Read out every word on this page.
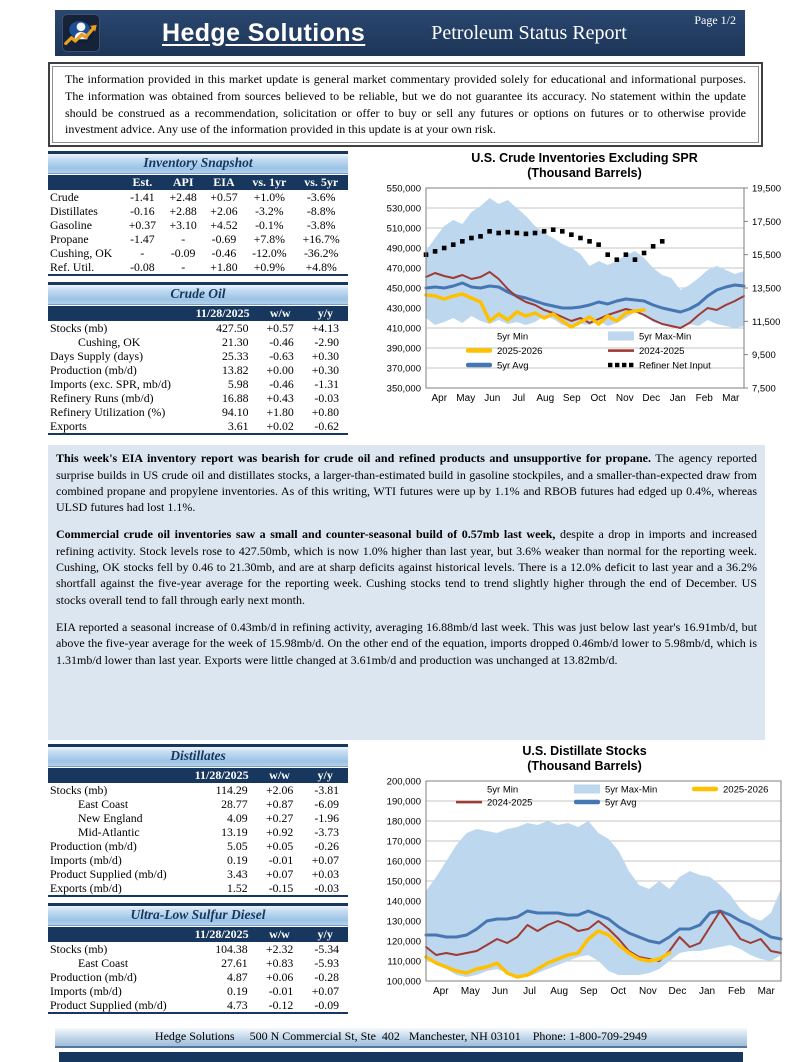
Hedge Solutions	Petroleum Status Report
Page 1/2
The information provided in this market update is general market commentary provided solely for educational and informational purposes. The information was obtained from sources believed to be reliable, but we do not guarantee its accuracy. No statement within the update should be construed as a recommendation, solicitation or offer to buy or sell any futures or options on futures or to otherwise provide investment advice. Any use of the information provided in this update is at your own risk.
Inventory Snapshot
	Est.	API	EIA	vs. 1yr	vs. 5yr
Crude	-1.41	+2.48	+0.57	+1.0%	-3.6%
Distillates	-0.16	+2.88	+2.06	-3.2%	-8.8%
Gasoline	+0.37	+3.10	+4.52	-0.1%	-3.8%
Propane	-1.47	-	-0.69	+7.8%	+16.7%
Cushing, OK	-	-0.09	-0.46	-12.0%	-36.2%
Ref. Util.	-0.08	-	+1.80	+0.9%	+4.8%
Crude Oil
	11/28/2025	w/w	y/y
Stocks (mb)	427.50	+0.57	+4.13
Cushing, OK	21.30	-0.46	-2.90
Days Supply (days)	25.33	-0.63	+0.30
Production (mb/d)	13.82	+0.00	+0.30
Imports (exc. SPR, mb/d)	5.98	-0.46	-1.31
Refinery Runs (mb/d)	16.88	+0.43	-0.03
Refinery Utilization (%)	94.10	+1.80	+0.80
Exports	3.61	+0.02	-0.62
U.S. Crude Inventories Excluding SPR
(Thousand Barrels)
350,000
370,000
390,000
410,000
430,000
450,000
470,000
490,000
510,000
530,000
550,000	19,500
17,500
15,500
13,500
11,500
9,500
7,500
Apr May Jun Jul Aug Sep Oct Nov Dec Jan Feb Mar
5yr Min	5yr Max-Min
2025-2026	2024-2025
5yr Avg	Refiner Net Input

This week's EIA inventory report was bearish for crude oil and refined products and unsupportive for propane. The agency reported surprise builds in US crude oil and distillates stocks, a larger-than-estimated build in gasoline stockpiles, and a smaller-than-expected draw from combined propane and propylene inventories. As of this writing, WTI futures were up by 1.1% and RBOB futures had edged up 0.4%, whereas ULSD futures had lost 1.1%.

Commercial crude oil inventories saw a small and counter-seasonal build of 0.57mb last week, despite a drop in imports and increased refining activity. Stock levels rose to 427.50mb, which is now 1.0% higher than last year, but 3.6% weaker than normal for the reporting week. Cushing, OK stocks fell by 0.46 to 21.30mb, and are at sharp deficits against historical levels. There is a 12.0% deficit to last year and a 36.2% shortfall against the five-year average for the reporting week. Cushing stocks tend to trend slightly higher through the end of December. US stocks overall tend to fall through early next month.

EIA reported a seasonal increase of 0.43mb/d in refining activity, averaging 16.88mb/d last week. This was just below last year's 16.91mb/d, but above the five-year average for the week of 15.98mb/d. On the other end of the equation, imports dropped 0.46mb/d lower to 5.98mb/d, which is 1.31mb/d lower than last year. Exports were little changed at 3.61mb/d and production was unchanged at 13.82mb/d.

Distillates
	11/28/2025	w/w	y/y
Stocks (mb)	114.29	+2.06	-3.81
East Coast	28.77	+0.87	-6.09
New England	4.09	+0.27	-1.96
Mid-Atlantic	13.19	+0.92	-3.73
Production (mb/d)	5.05	+0.05	-0.26
Imports (mb/d)	0.19	-0.01	+0.07
Product Supplied (mb/d)	3.43	+0.07	+0.03
Exports (mb/d)	1.52	-0.15	-0.03
Ultra-Low Sulfur Diesel
	11/28/2025	w/w	y/y
Stocks (mb)	104.38	+2.32	-5.34
East Coast	27.61	+0.83	-5.93
Production (mb/d)	4.87	+0.06	-0.28
Imports (mb/d)	0.19	-0.01	+0.07
Product Supplied (mb/d)	4.73	-0.12	-0.09
U.S. Distillate Stocks
(Thousand Barrels)
100,000
110,000
120,000
130,000
140,000
150,000
160,000
170,000
180,000
190,000
200,000
Apr May Jun Jul Aug Sep Oct Nov Dec Jan Feb Mar
5yr Min	5yr Max-Min	2025-2026
2024-2025	5yr Avg
Hedge Solutions     500 N Commercial St, Ste  402   Manchester, NH 03101    Phone: 1-800-709-2949
